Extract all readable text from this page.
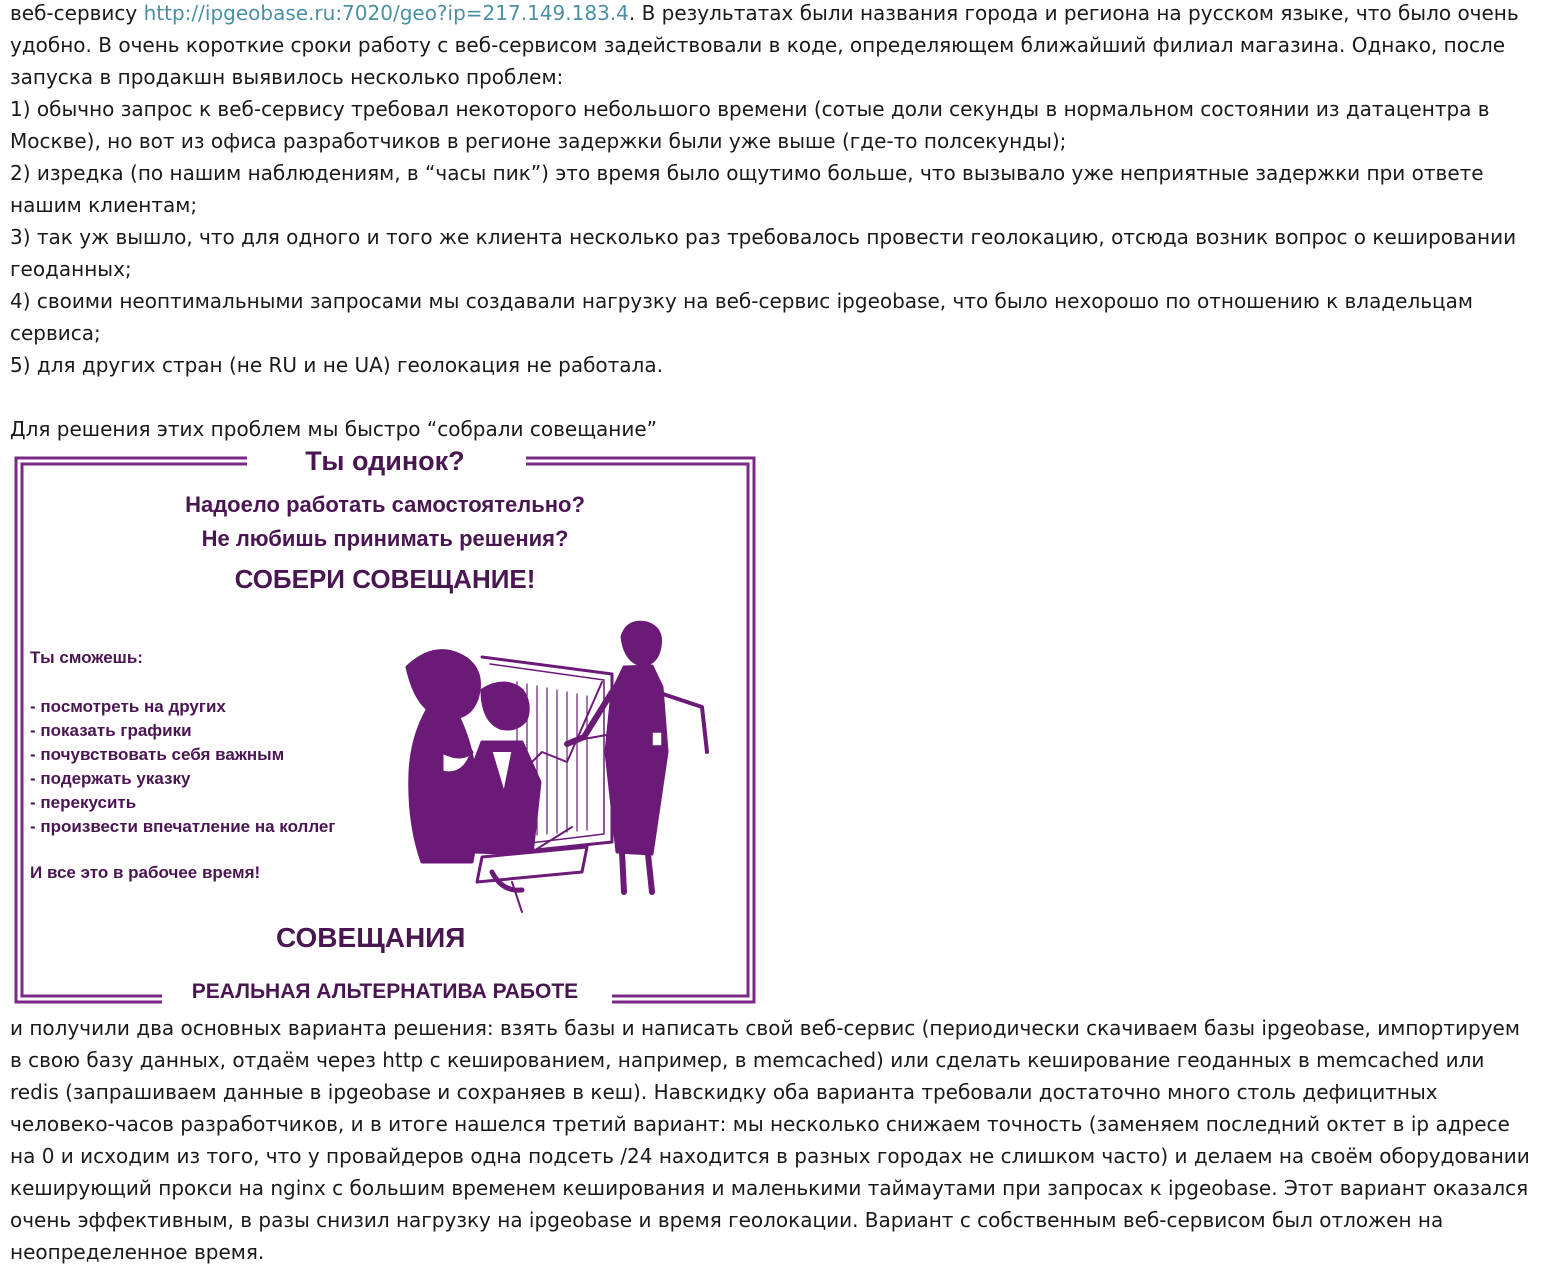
веб-сервису http://ipgeobase.ru:7020/geo?ip=217.149.183.4. В результатах были названия города и региона на русском языке, что было очень удобно. В очень короткие сроки работу с веб-сервисом задействовали в коде, определяющем ближайший филиал магазина. Однако, после запуска в продакшн выявилось несколько проблем:

1) обычно запрос к веб-сервису требовал некоторого небольшого времени (сотые доли секунды в нормальном состоянии из датацентра в Москве), но вот из офиса разработчиков в регионе задержки были уже выше (где-то полсекунды);

2) изредка (по нашим наблюдениям, в “часы пик”) это время было ощутимо больше, что вызывало уже неприятные задержки при ответе нашим клиентам;

3) так уж вышло, что для одного и того же клиента несколько раз требовалось провести геолокацию, отсюда возник вопрос о кешировании геоданных;

4) своими неоптимальными запросами мы создавали нагрузку на веб-сервис ipgeobase, что было нехорошо по отношению к владельцам сервиса;

5) для других стран (не RU и не UA) геолокация не работала.

Для решения этих проблем мы быстро “собрали совещание”

Ты одинок?
Надоело работать самостоятельно?
Не любишь принимать решения?
СОБЕРИ СОВЕЩАНИЕ!
Ты сможешь:
- посмотреть на других
- показать графики
- почувствовать себя важным
- подержать указку
- перекусить
- произвести впечатление на коллег
И все это в рабочее время!
СОВЕЩАНИЯ
РЕАЛЬНАЯ АЛЬТЕРНАТИВА РАБОТЕ

и получили два основных варианта решения: взять базы и написать свой веб-сервис (периодически скачиваем базы ipgeobase, импортируем в свою базу данных, отдаём через http с кешированием, например, в memcached) или сделать кеширование геоданных в memcached или redis (запрашиваем данные в ipgeobase и сохраняев в кеш). Навскидку оба варианта требовали достаточно много столь дефицитных человеко-часов разработчиков, и в итоге нашелся третий вариант: мы несколько снижаем точность (заменяем последний октет в ip адресе на 0 и исходим из того, что у провайдеров одна подсеть /24 находится в разных городах не слишком часто) и делаем на своём оборудовании кеширующий прокси на nginx с большим временем кеширования и маленькими таймаутами при запросах к ipgeobase. Этот вариант оказался очень эффективным, в разы снизил нагрузку на ipgeobase и время геолокации. Вариант с собственным веб-сервисом был отложен на неопределенное время.
